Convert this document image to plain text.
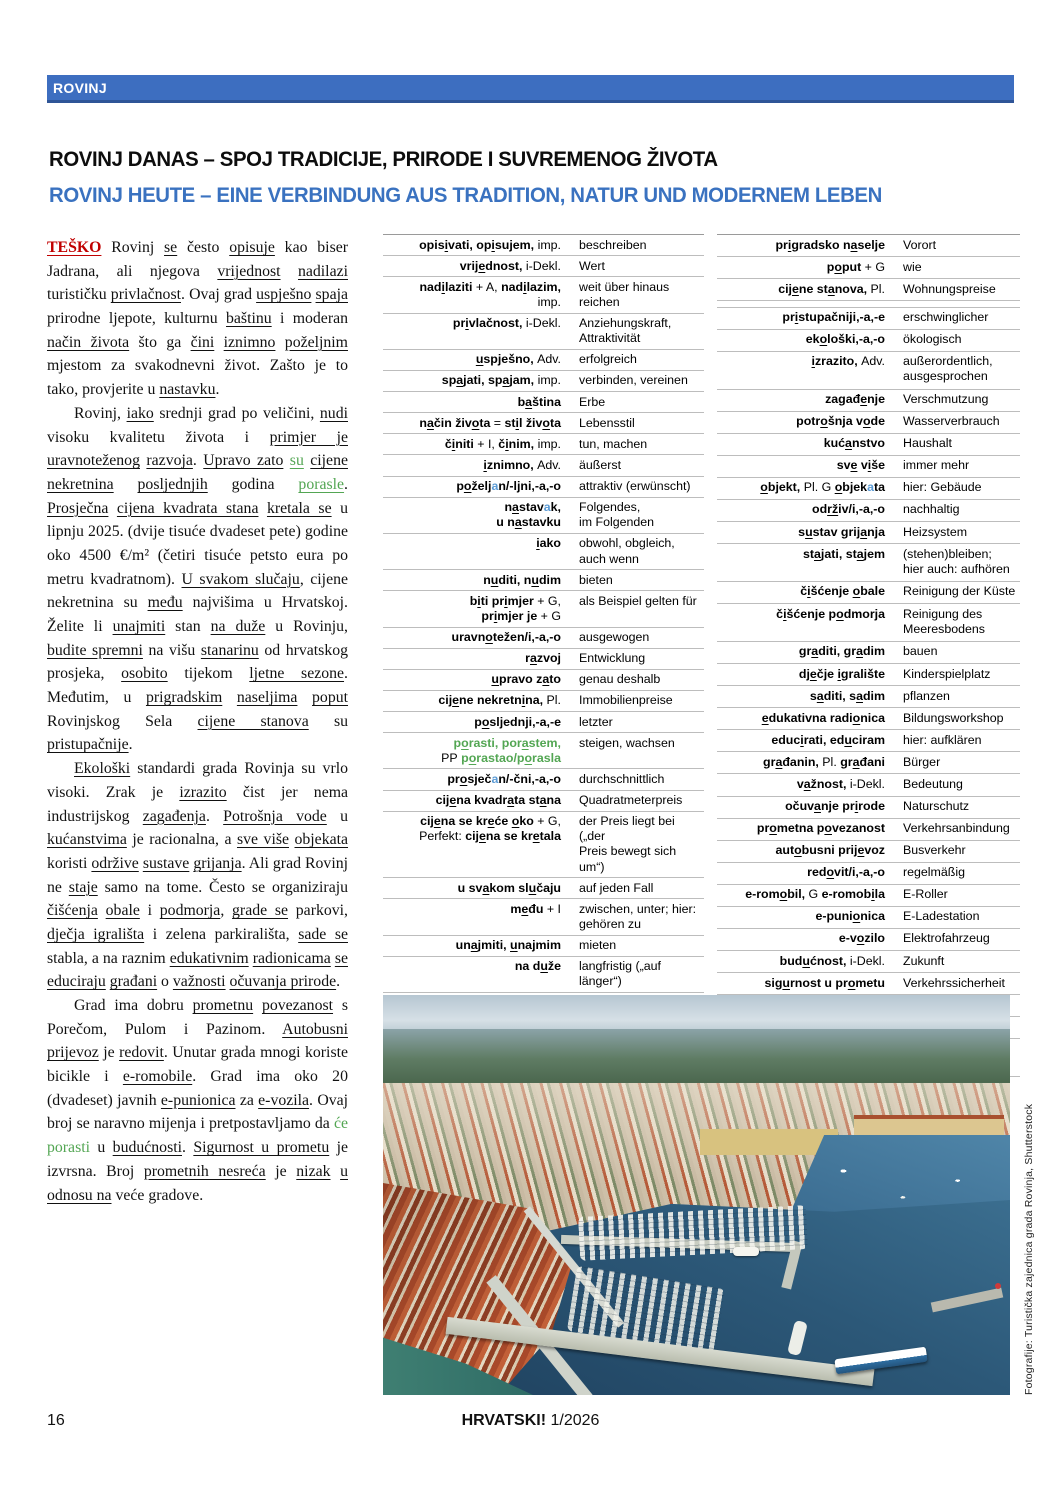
ROVINJ
ROVINJ DANAS – SPOJ TRADICIJE, PRIRODE I SUVREMENOG ŽIVOTA
ROVINJ HEUTE – EINE VERBINDUNG AUS TRADITION, NATUR UND MODERNEM LEBEN

TEŠKO Rovinj se često opisuje kao biser Jadrana, ali njegova vrijednost nadilazi turističku privlačnost. Ovaj grad uspješno spaja prirodne ljepote, kulturnu baštinu i moderan način života što ga čini iznimno poželjnim mjestom za svakodnevni život. Zašto je to tako, provjerite u nastavku.

Rovinj, iako srednji grad po veličini, nudi visoku kvalitetu života i primjer je uravnoteženog razvoja. Upravo zato su cijene nekretnina posljednjih godina porasle. Prosječna cijena kvadrata stana kretala se u lipnju 2025. (dvije tisuće dvadeset pete) godine oko 4500 €/m² (četiri tisuće petsto eura po metru kvadratnom). U svakom slučaju, cijene nekretnina su među najvišima u Hrvatskoj. Želite li unajmiti stan na duže u Rovinju, budite spremni na višu stanarinu od hrvatskog prosjeka, osobito tijekom ljetne sezone. Međutim, u prigradskim naseljima poput Rovinjskog Sela cijene stanova su pristupačnije.

Ekološki standardi grada Rovinja su vrlo visoki. Zrak je izrazito čist jer nema industrijskog zagađenja. Potrošnja vode u kućanstvima je racionalna, a sve više objekata koristi održive sustave grijanja. Ali grad Rovinj ne staje samo na tome. Često se organiziraju čišćenja obale i podmorja, grade se parkovi, dječja igrališta i zelena parkirališta, sade se stabla, a na raznim edukativnim radionicama se educiraju građani o važnosti očuvanja prirode.

Grad ima dobru prometnu povezanost s Porečom, Pulom i Pazinom. Autobusni prijevoz je redovit. Unutar grada mnogi koriste bicikle i e-romobile. Grad ima oko 20 (dvadeset) javnih e-punionica za e-vozila. Ovaj broj se naravno mijenja i pretpostavljamo da će porasti u budućnosti. Sigurnost u prometu je izvrsna. Broj prometnih nesreća je nizak u odnosu na veće gradove.

opisivati, opisujem, imp.	beschreiben
vrijednost, i-Dekl.	Wert
nadilaziti + A, nadilazim,
imp.	weit über hinaus reichen
privlačnost, i-Dekl.	Anziehungskraft,
Attraktivität
uspješno, Adv.	erfolgreich
spajati, spajam, imp.	verbinden, vereinen
baština	Erbe
način života = stil života	Lebensstil
činiti + I, činim, imp.	tun, machen
iznimno, Adv.	äußerst
poželjan/-ljni,-a,-o	attraktiv (erwünscht)
nastavak,
u nastavku	Folgendes,
im Folgenden
iako	obwohl, obgleich,
auch wenn
nuditi, nudim	bieten
biti primjer + G,
primjer je + G	als Beispiel gelten für
uravnotežen/i,-a,-o	ausgewogen
razvoj	Entwicklung
upravo zato	genau deshalb
cijene nekretnina, Pl.	Immobilienpreise
posljednji,-a,-e	letzter
porasti, porastem,
PP porastao/porasla	steigen, wachsen
prosječan/-čni,-a,-o	durchschnittlich
cijena kvadrata stana	Quadratmeterpreis
cijena se kreće oko + G,
Perfekt: cijena se kretala	der Preis liegt bei („der
Preis bewegt sich um“)
u svakom slučaju	auf jeden Fall
među + I	zwischen, unter; hier:
gehören zu
unajmiti, unajmim	mieten
na duže	langfristig („auf länger“)

prigradsko naselje	Vorort
poput + G	wie
cijene stanova, Pl.	Wohnungspreise

pristupačniji,-a,-e	erschwinglicher
ekološki,-a,-o	ökologisch
izrazito, Adv.	außerordentlich,
ausgesprochen
zagađenje	Verschmutzung
potrošnja vode	Wasserverbrauch
kućanstvo	Haushalt
sve više	immer mehr
objekt, Pl. G objekata	hier: Gebäude
održiv/i,-a,-o	nachhaltig
sustav grijanja	Heizsystem
stajati, stajem	(stehen)bleiben;
hier auch: aufhören
čišćenje obale	Reinigung der Küste
čišćenje podmorja	Reinigung des
Meeresbodens
graditi, gradim	bauen
dječje igralište	Kinderspielplatz
saditi, sadim	pflanzen
edukativna radionica	Bildungsworkshop
educirati, educiram	hier: aufklären
građanin, Pl. građani	Bürger
važnost, i-Dekl.	Bedeutung
očuvanje prirode	Naturschutz
prometna povezanost	Verkehrsanbindung
autobusni prijevoz	Busverkehr
redovit/i,-a,-o	regelmäßig
e-romobil, G e-romobila	E-Roller
e-punionica	E-Ladestation
e-vozilo	Elektrofahrzeug
budućnost, i-Dekl.	Zukunft
sigurnost u prometu	Verkehrssicherheit

Fotografije: Turistička zajednica grada Rovinja, Shutterstock
16	HRVATSKI! 1/2026
